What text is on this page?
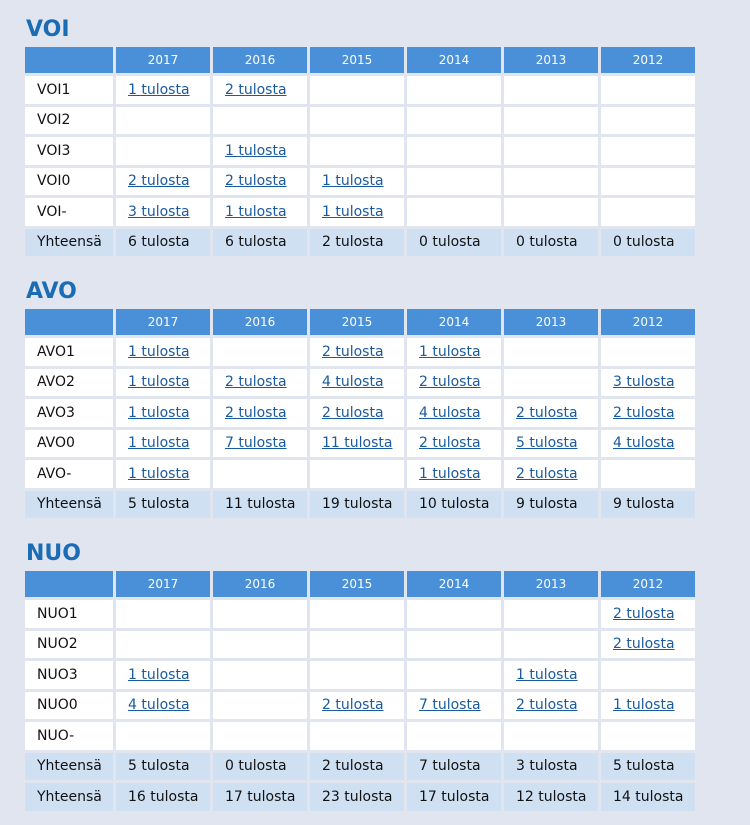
VOI
	2017	2016	2015	2014	2013	2012
VOI1	1 tulosta	2 tulosta				
VOI2						
VOI3		1 tulosta				
VOI0	2 tulosta	2 tulosta	1 tulosta			
VOI-	3 tulosta	1 tulosta	1 tulosta			
Yhteensä	6 tulosta	6 tulosta	2 tulosta	0 tulosta	0 tulosta	0 tulosta
AVO
	2017	2016	2015	2014	2013	2012
AVO1	1 tulosta		2 tulosta	1 tulosta		
AVO2	1 tulosta	2 tulosta	4 tulosta	2 tulosta		3 tulosta
AVO3	1 tulosta	2 tulosta	2 tulosta	4 tulosta	2 tulosta	2 tulosta
AVO0	1 tulosta	7 tulosta	11 tulosta	2 tulosta	5 tulosta	4 tulosta
AVO-	1 tulosta			1 tulosta	2 tulosta	
Yhteensä	5 tulosta	11 tulosta	19 tulosta	10 tulosta	9 tulosta	9 tulosta
NUO
	2017	2016	2015	2014	2013	2012
NUO1						2 tulosta
NUO2						2 tulosta
NUO3	1 tulosta				1 tulosta	
NUO0	4 tulosta		2 tulosta	7 tulosta	2 tulosta	1 tulosta
NUO-						
Yhteensä	5 tulosta	0 tulosta	2 tulosta	7 tulosta	3 tulosta	5 tulosta
Yhteensä	16 tulosta	17 tulosta	23 tulosta	17 tulosta	12 tulosta	14 tulosta
